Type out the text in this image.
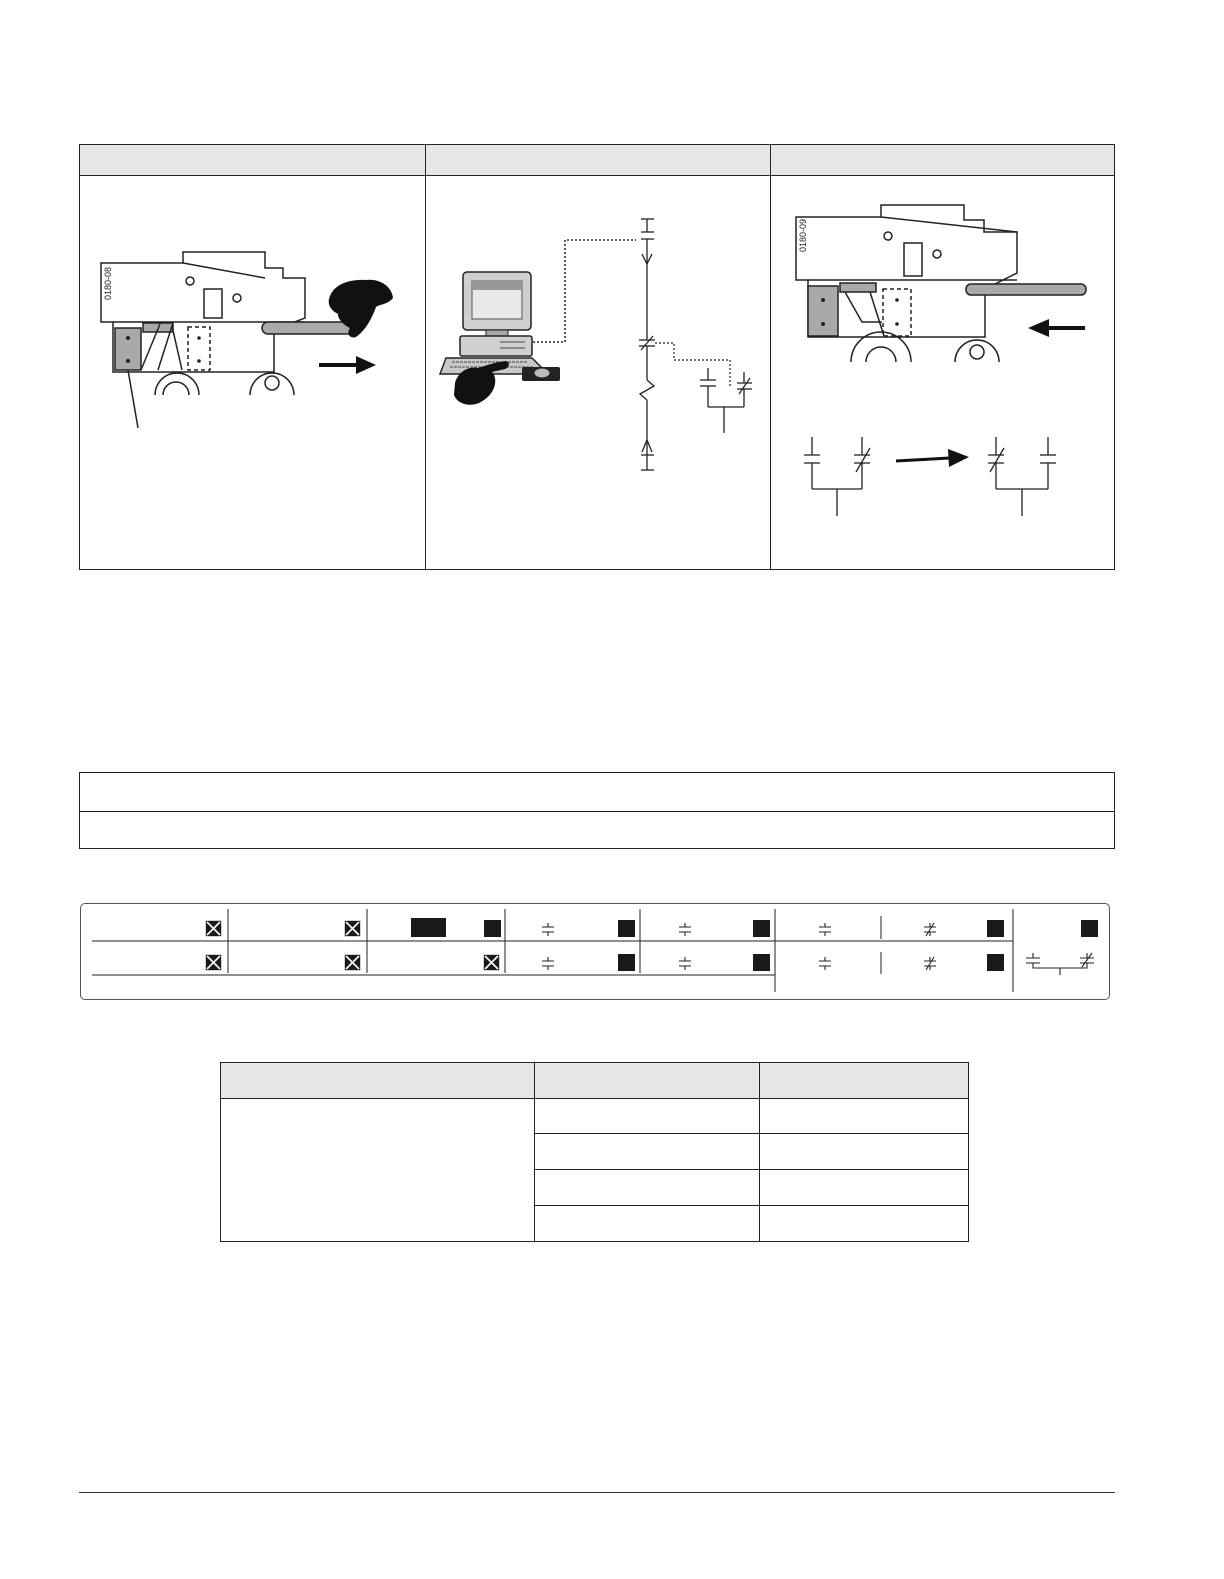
0180-08
0180-09
